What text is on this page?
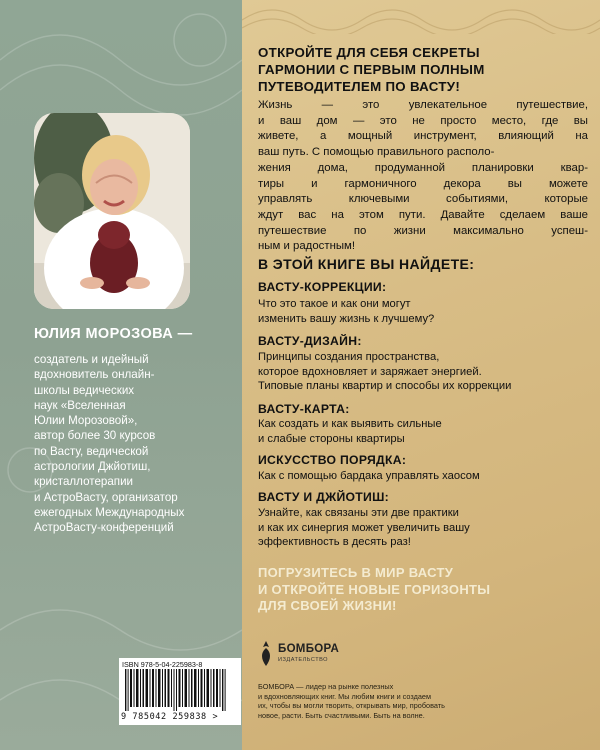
ЮЛИЯ МОРОЗОВА —

создатель и идейный
вдохновитель онлайн-
школы ведических
наук «Вселенная
Юлии Морозовой»,
автор более 30 курсов
по Васту, ведической
астрологии Джйотиш,
кристаллотерапии
и АстроВасту, организатор
ежегодных Международных
АстроВасту-конференций

ISBN 978-5-04-225983-8
9 785042 259838 >
ОТКРОЙТЕ ДЛЯ СЕБЯ СЕКРЕТЫ
ГАРМОНИИ С ПЕРВЫМ ПОЛНЫМ
ПУТЕВОДИТЕЛЕМ ПО ВАСТУ!
Жизнь — это увлекательное путешествие,
и ваш дом — это не просто место, где вы
живете, а мощный инструмент, влияющий на
ваш путь. С помощью правильного располо-
жения дома, продуманной планировки квар-
тиры и гармоничного декора вы можете
управлять ключевыми событиями, которые
ждут вас на этом пути. Давайте сделаем ваше
путешествие по жизни максимально успеш-
ным и радостным!
В ЭТОЙ КНИГЕ ВЫ НАЙДЕТЕ:
ВАСТУ-КОРРЕКЦИИ:
Что это такое и как они могут
изменить вашу жизнь к лучшему?
ВАСТУ-ДИЗАЙН:
Принципы создания пространства,
которое вдохновляет и заряжает энергией.
Типовые планы квартир и способы их коррекции
ВАСТУ-КАРТА:
Как создать и как выявить сильные
и слабые стороны квартиры
ИСКУССТВО ПОРЯДКА:
Как с помощью бардака управлять хаосом
ВАСТУ И ДЖЙОТИШ:
Узнайте, как связаны эти две практики
и как их синергия может увеличить вашу
эффективность в десять раз!
ПОГРУЗИТЕСЬ В МИР ВАСТУ
И ОТКРОЙТЕ НОВЫЕ ГОРИЗОНТЫ
ДЛЯ СВОЕЙ ЖИЗНИ!
БОМБОРА
ИЗДАТЕЛЬСТВО

БОМБОРА — лидер на рынке полезных
и вдохновляющих книг. Мы любим книги и создаем
их, чтобы вы могли творить, открывать мир, пробовать
новое, расти. Быть счастливыми. Быть на волне.
